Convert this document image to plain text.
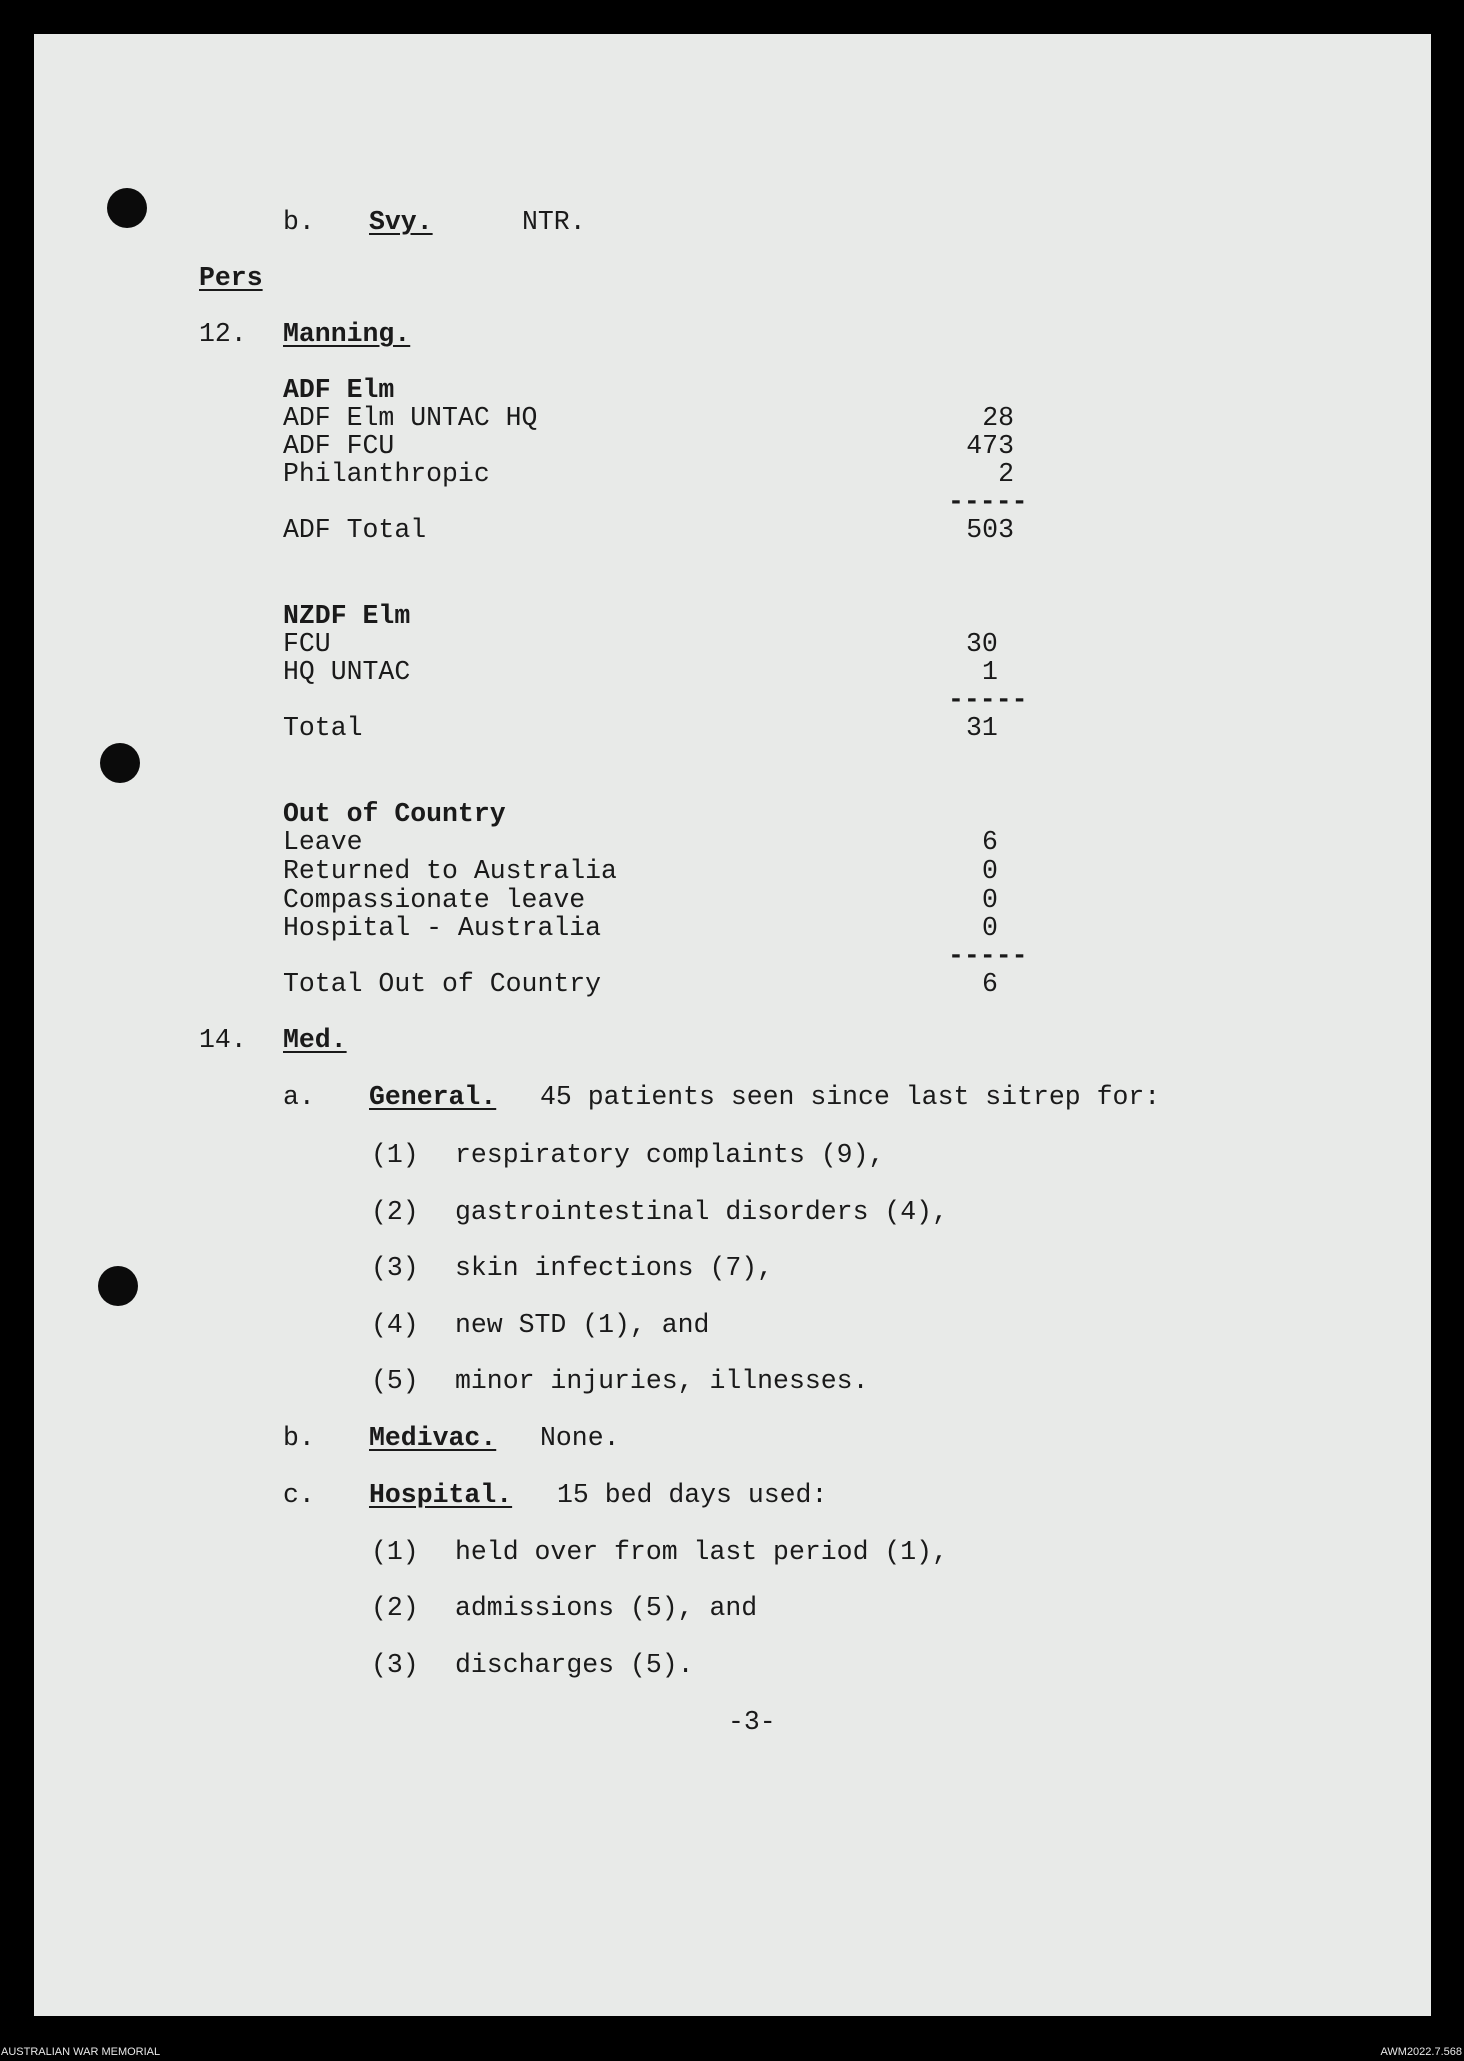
b. Svy.	NTR.
Pers
12. Manning.
ADF Elm
ADF Elm UNTAC HQ	28
ADF FCU	473
Philanthropic	2
-----
ADF Total	503
NZDF Elm
FCU	30
HQ UNTAC	1
-----
Total	31
Out of Country
Leave	6
Returned to Australia	0
Compassionate leave	0
Hospital - Australia	0
-----
Total Out of Country	6
14. Med.
a. General. 45 patients seen since last sitrep for:
(1) respiratory complaints (9),
(2) gastrointestinal disorders (4),
(3) skin infections (7),
(4) new STD (1), and
(5) minor injuries, illnesses.
b. Medivac. None.
c. Hospital. 15 bed days used:
(1) held over from last period (1),
(2) admissions (5), and
(3) discharges (5).
-3-
AUSTRALIAN WAR MEMORIAL	AWM2022.7.568
